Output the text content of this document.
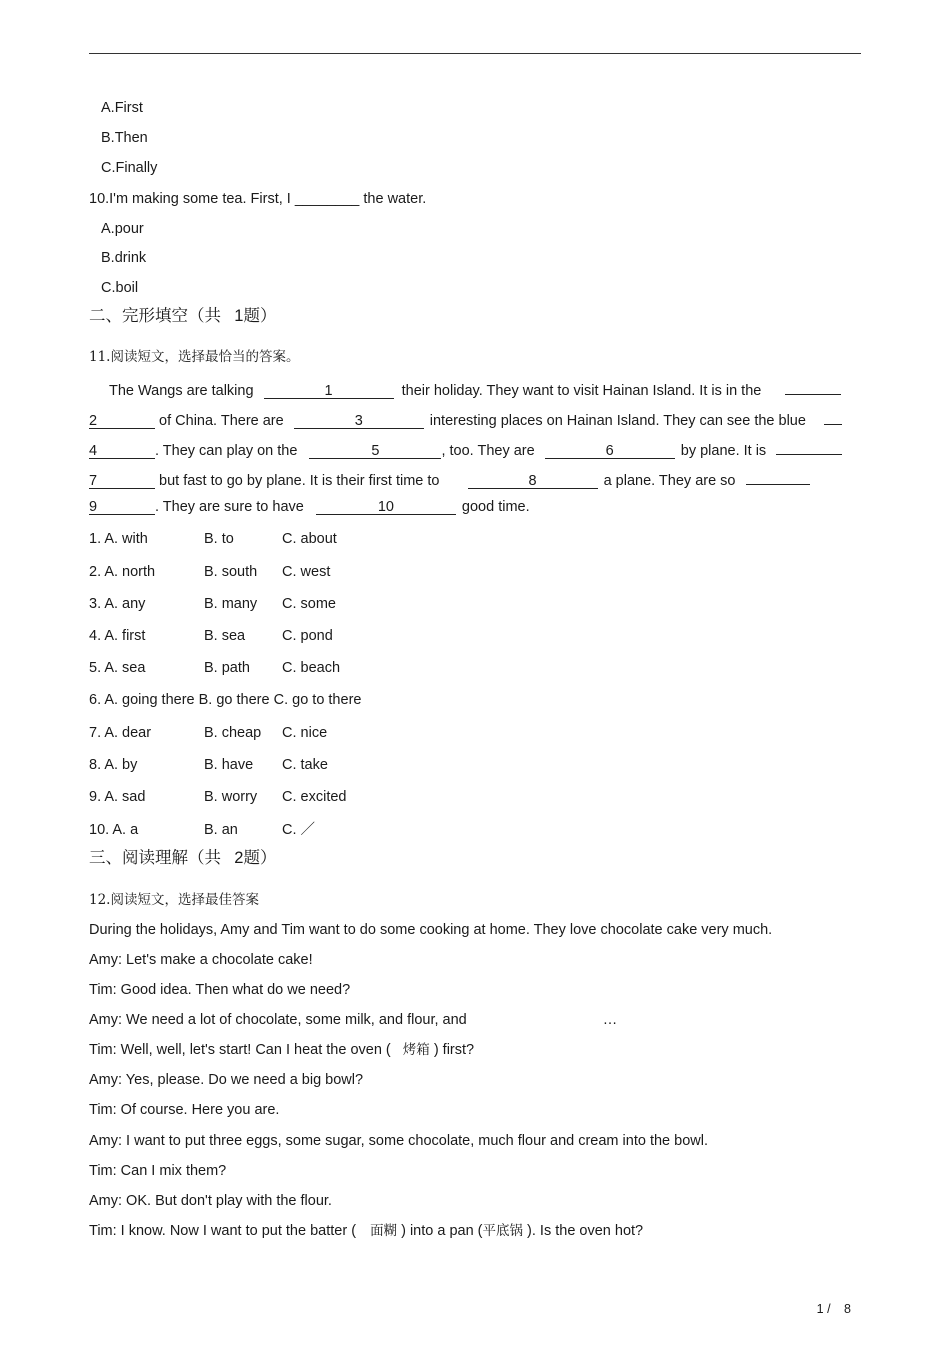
A.First
B.Then
C.Finally
10.I'm making some tea. First, I ________ the water.
A.pour
B.drink
C.boil
二、完形填空（共 1题）
11.阅读短文，选择最恰当的答案。
The Wangs are talking	1	their holiday. They want to visit Hainan Island. It is in the
2	of China. There are	3	interesting places on Hainan Island. They can see the blue
4	. They can play on the	5	, too. They are	6	by plane. It is
7	but fast to go by plane. It is their first time to	8	a plane. They are so
9	. They are sure to have	10	good time.
1. A. with	B. to	C. about
2. A. north	B. south C. west
3. A. any	B. many C. some
4. A. first	B. sea	C. pond
5. A. sea	B. path C. beach
6. A. going there B. go there C. go to there
7. A. dear	B. cheap C. nice
8. A. by	B. have C. take
9. A. sad	B. worry C. excited
10. A. a	B. an	C. ／
三、阅读理解（共 2题）
12.阅读短文，选择最佳答案
During the holidays, Amy and Tim want to do some cooking at home. They love chocolate cake very much.
Amy: Let's make a chocolate cake!
Tim: Good idea. Then what do we need?
Amy: We need a lot of chocolate, some milk, and flour, and	…
Tim: Well, well, let's start! Can I heat the oven ( 烤箱 ) first?
Amy: Yes, please. Do we need a big bowl?
Tim: Of course. Here you are.
Amy: I want to put three eggs, some sugar, some chocolate, much flour and cream into the bowl.
Tim: Can I mix them?
Amy: OK. But don't play with the flour.
Tim: I know. Now I want to put the batter ( 面糊 ) into a pan (平底锅 ). Is the oven hot?
1 / 8
